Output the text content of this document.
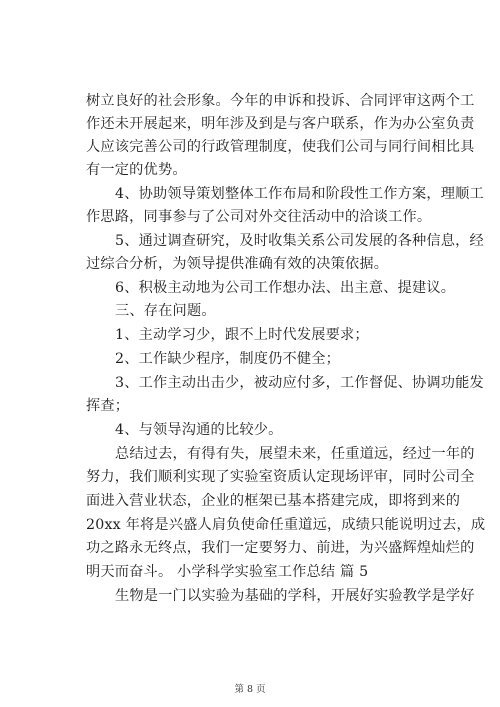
树立良好的社会形象。今年的申诉和投诉、合同评审这两个工
作还未开展起来，明年涉及到是与客户联系，作为办公室负责
人应该完善公司的行政管理制度，使我们公司与同行间相比具
有一定的优势。
4、协助领导策划整体工作布局和阶段性工作方案，理顺工
作思路，同事参与了公司对外交往活动中的洽谈工作。
5、通过调查研究，及时收集关系公司发展的各种信息，经
过综合分析，为领导提供准确有效的决策依据。
6、积极主动地为公司工作想办法、出主意、提建议。
三、存在问题。
1、主动学习少，跟不上时代发展要求；
2、工作缺少程序，制度仍不健全；
3、工作主动出击少，被动应付多，工作督促、协调功能发
挥查；
4、与领导沟通的比较少。
总结过去，有得有失，展望未来，任重道远，经过一年的
努力，我们顺利实现了实验室资质认定现场评审，同时公司全
面进入营业状态，企业的框架已基本搭建完成，即将到来的
20xx 年将是兴盛人肩负使命任重道远，成绩只能说明过去，成
功之路永无终点，我们一定要努力、前进，为兴盛辉煌灿烂的
明天而奋斗。 小学科学实验室工作总结 篇 5
生物是一门以实验为基础的学科，开展好实验教学是学好
第 8 页
